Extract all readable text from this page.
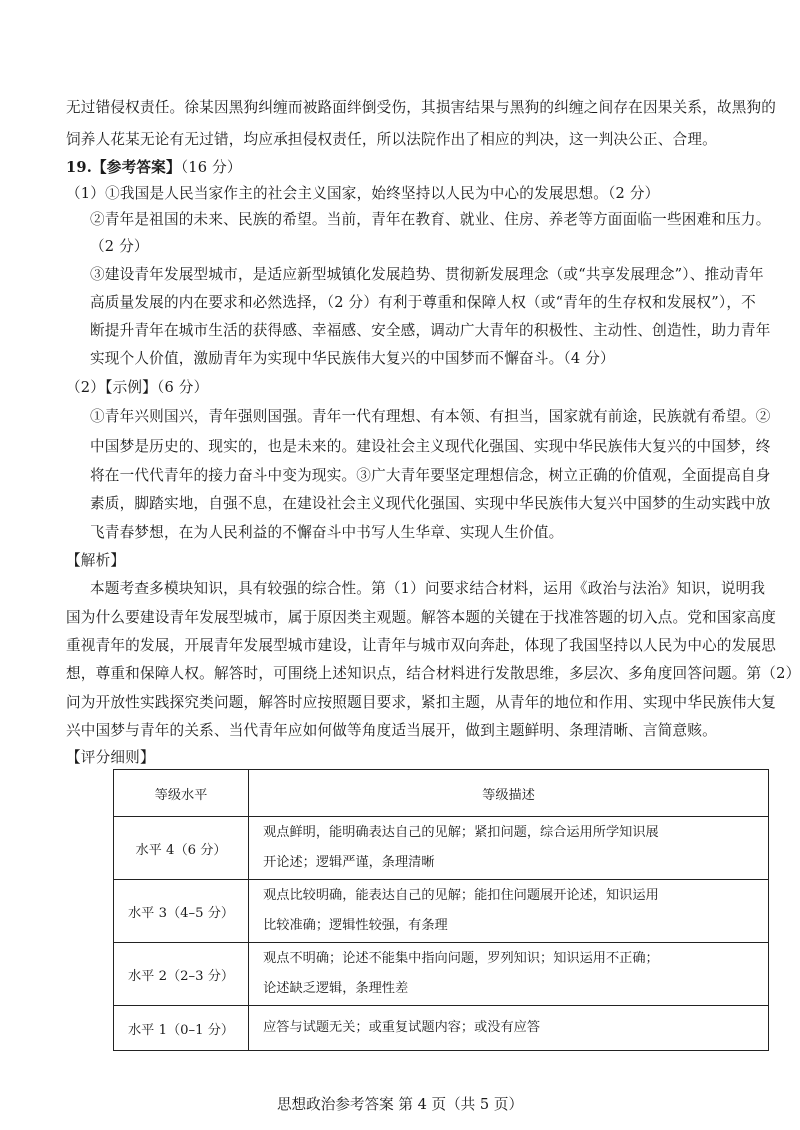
无过错侵权责任。徐某因黑狗纠缠而被路面绊倒受伤，其损害结果与黑狗的纠缠之间存在因果关系，故黑狗的
饲养人花某无论有无过错，均应承担侵权责任，所以法院作出了相应的判决，这一判决公正、合理。
19.【参考答案】（16 分）
（1）①我国是人民当家作主的社会主义国家，始终坚持以人民为中心的发展思想。（2 分）
②青年是祖国的未来、民族的希望。当前，青年在教育、就业、住房、养老等方面面临一些困难和压力。
（2 分）
③建设青年发展型城市，是适应新型城镇化发展趋势、贯彻新发展理念（或“共享发展理念”）、推动青年
高质量发展的内在要求和必然选择，（2 分）有利于尊重和保障人权（或“青年的生存权和发展权”），不
断提升青年在城市生活的获得感、幸福感、安全感，调动广大青年的积极性、主动性、创造性，助力青年
实现个人价值，激励青年为实现中华民族伟大复兴的中国梦而不懈奋斗。（4 分）
（2）【示例】（6 分）
①青年兴则国兴，青年强则国强。青年一代有理想、有本领、有担当，国家就有前途，民族就有希望。②
中国梦是历史的、现实的，也是未来的。建设社会主义现代化强国、实现中华民族伟大复兴的中国梦，终
将在一代代青年的接力奋斗中变为现实。③广大青年要坚定理想信念，树立正确的价值观，全面提高自身
素质，脚踏实地，自强不息，在建设社会主义现代化强国、实现中华民族伟大复兴中国梦的生动实践中放
飞青春梦想，在为人民利益的不懈奋斗中书写人生华章、实现人生价值。
【解析】
本题考查多模块知识，具有较强的综合性。第（1）问要求结合材料，运用《政治与法治》知识，说明我
国为什么要建设青年发展型城市，属于原因类主观题。解答本题的关键在于找准答题的切入点。党和国家高度
重视青年的发展，开展青年发展型城市建设，让青年与城市双向奔赴，体现了我国坚持以人民为中心的发展思
想，尊重和保障人权。解答时，可围绕上述知识点，结合材料进行发散思维，多层次、多角度回答问题。第（2）
问为开放性实践探究类问题，解答时应按照题目要求，紧扣主题，从青年的地位和作用、实现中华民族伟大复
兴中国梦与青年的关系、当代青年应如何做等角度适当展开，做到主题鲜明、条理清晰、言简意赅。
【评分细则】
等级水平	等级描述
水平 4（6 分）	观点鲜明，能明确表达自己的见解；紧扣问题，综合运用所学知识展
开论述；逻辑严谨，条理清晰

水平 3（4–5 分）	观点比较明确，能表达自己的见解；能扣住问题展开论述，知识运用
比较准确；逻辑性较强，有条理

水平 2（2–3 分）	观点不明确；论述不能集中指向问题，罗列知识；知识运用不正确；
论述缺乏逻辑，条理性差

水平 1（0–1 分）	应答与试题无关；或重复试题内容；或没有应答
思想政治参考答案 第 4 页（共 5 页）
